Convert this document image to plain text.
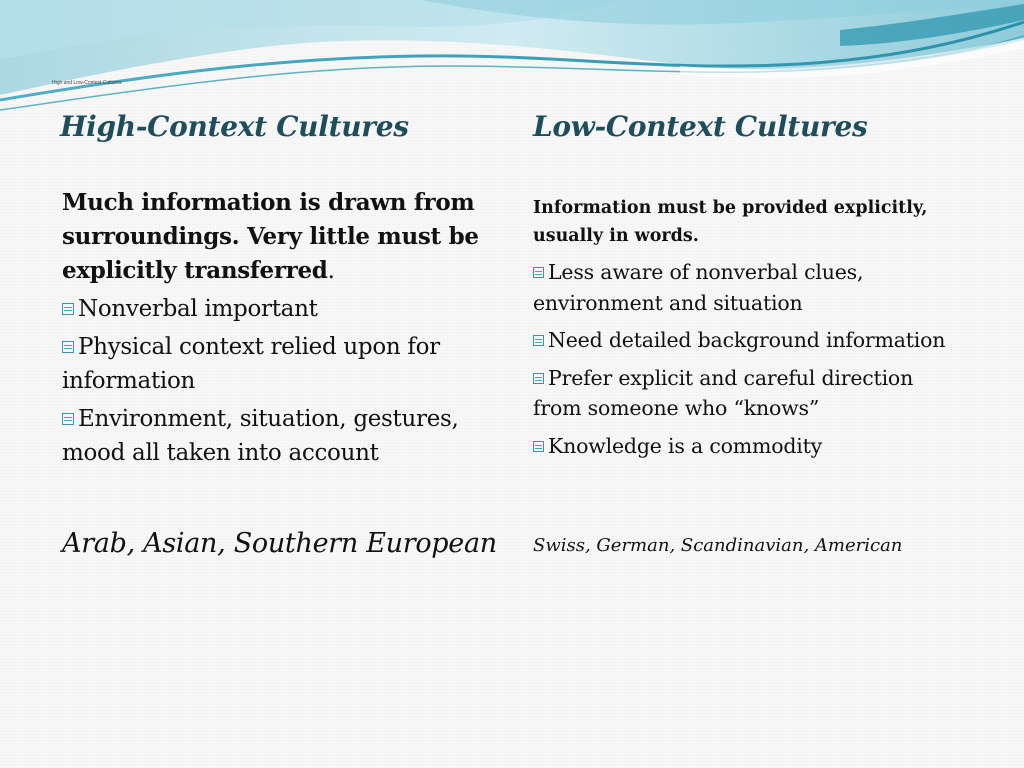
High and Low-Context Cultures
High-Context Cultures	Low-Context Cultures

Much information is drawn from surroundings. Very little must be explicitly transferred.

Nonverbal important
Physical context relied upon for information
Environment, situation, gestures, mood all taken into account

Information must be provided explicitly, usually in words.

Less aware of nonverbal clues, environment and situation
Need detailed background information
Prefer explicit and careful direction from someone who “knows”
Knowledge is a commodity
Arab, Asian, Southern European Swiss, German, Scandinavian, American
